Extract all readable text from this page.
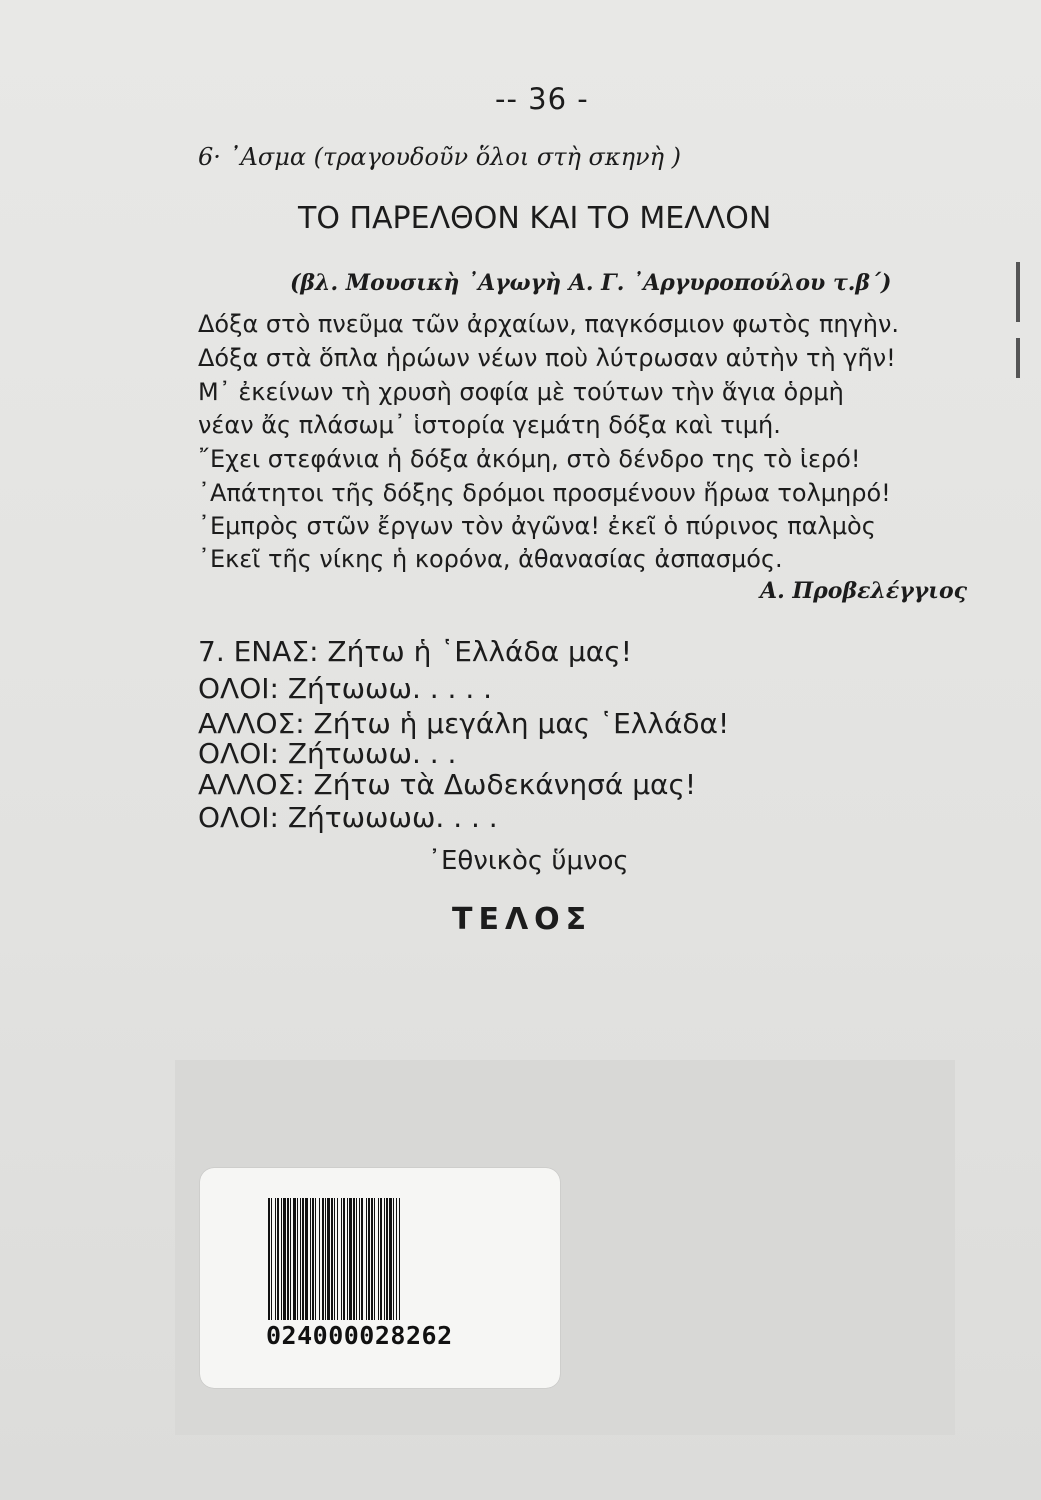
-- 36 -
6· ᾿Ασμα (τραγουδοῦν ὅλοι στὴ σκηνὴ )
ΤΟ ΠΑΡΕΛΘΟΝ ΚΑΙ ΤΟ ΜΕΛΛΟΝ
(βλ. Μουσικὴ ᾿Αγωγὴ Α. Γ. ᾿Αργυροπούλου τ.β΄)
Δόξα στὸ πνεῦμα τῶν ἀρχαίων, παγκόσμιον φωτὸς πηγὴν.
Δόξα στὰ ὅπλα ἡρώων νέων ποὺ λύτρωσαν αὐτὴν τὴ γῆν!
Μ᾿ ἐκείνων τὴ χρυσὴ σοφία μὲ τούτων τὴν ἅγια ὁρμὴ
νέαν ἄς πλάσωμ᾿ ἱστορία γεμάτη δόξα καὶ τιμή.
῎Εχει στεφάνια ἡ δόξα ἀκόμη, στὸ δένδρο της τὸ ἱερό!
᾿Απάτητοι τῆς δόξης δρόμοι προσμένουν ἥρωα τολμηρό!
᾿Εμπρὸς στῶν ἔργων τὸν ἀγῶνα! ἐκεῖ ὁ πύρινος παλμὸς
᾿Εκεῖ τῆς νίκης ἡ κορόνα, ἀθανασίας ἀσπασμός.
Α. Προβελέγγιος
7. ΕΝΑΣ: Ζήτω ἡ ῾Ελλάδα μας!
ΟΛΟΙ: Ζήτωωω. . . . .
ΑΛΛΟΣ: Ζήτω ἡ μεγάλη μας ῾Ελλάδα!
ΟΛΟΙ: Ζήτωωω. . .
ΑΛΛΟΣ: Ζήτω τὰ Δωδεκάνησά μας!
ΟΛΟΙ: Ζήτωωωω. . . .
᾿Εθνικὸς ὕμνος
ΤΕΛΟΣ
024000028262
